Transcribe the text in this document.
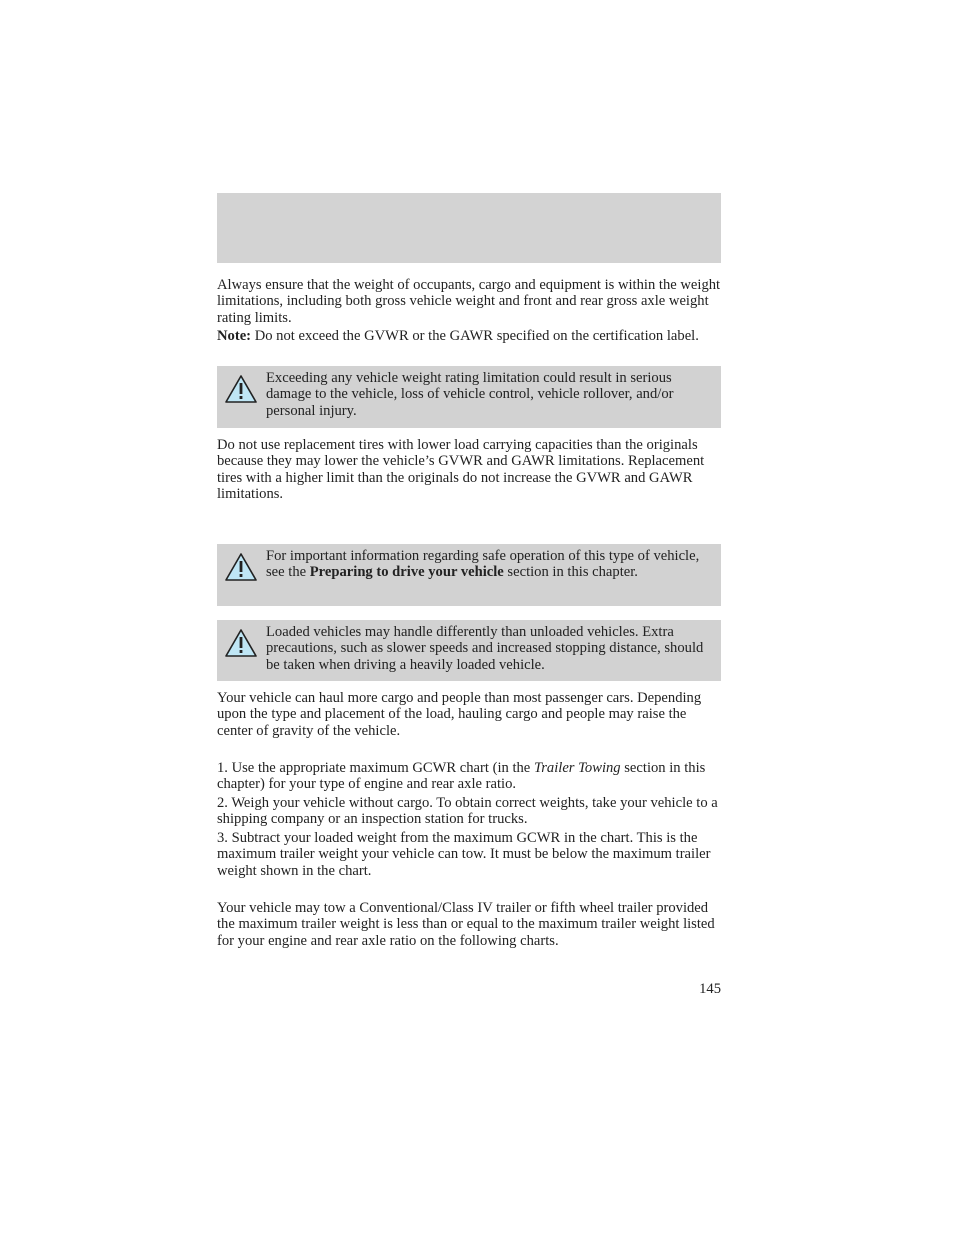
Always ensure that the weight of occupants, cargo and equipment is within the weight limitations, including both gross vehicle weight and front and rear gross axle weight rating limits.

Note: Do not exceed the GVWR or the GAWR specified on the certification label.

Exceeding any vehicle weight rating limitation could result in serious damage to the vehicle, loss of vehicle control, vehicle rollover, and/or personal injury.

Do not use replacement tires with lower load carrying capacities than the originals because they may lower the vehicle’s GVWR and GAWR limitations. Replacement tires with a higher limit than the originals do not increase the GVWR and GAWR limitations.

For important information regarding safe operation of this type of vehicle, see the Preparing to drive your vehicle section in this chapter.

Loaded vehicles may handle differently than unloaded vehicles. Extra precautions, such as slower speeds and increased stopping distance, should be taken when driving a heavily loaded vehicle.

Your vehicle can haul more cargo and people than most passenger cars. Depending upon the type and placement of the load, hauling cargo and people may raise the center of gravity of the vehicle.

1. Use the appropriate maximum GCWR chart (in the Trailer Towing section in this chapter) for your type of engine and rear axle ratio.

2. Weigh your vehicle without cargo. To obtain correct weights, take your vehicle to a shipping company or an inspection station for trucks.

3. Subtract your loaded weight from the maximum GCWR in the chart. This is the maximum trailer weight your vehicle can tow. It must be below the maximum trailer weight shown in the chart.

Your vehicle may tow a Conventional/Class IV trailer or fifth wheel trailer provided the maximum trailer weight is less than or equal to the maximum trailer weight listed for your engine and rear axle ratio on the following charts.

145
